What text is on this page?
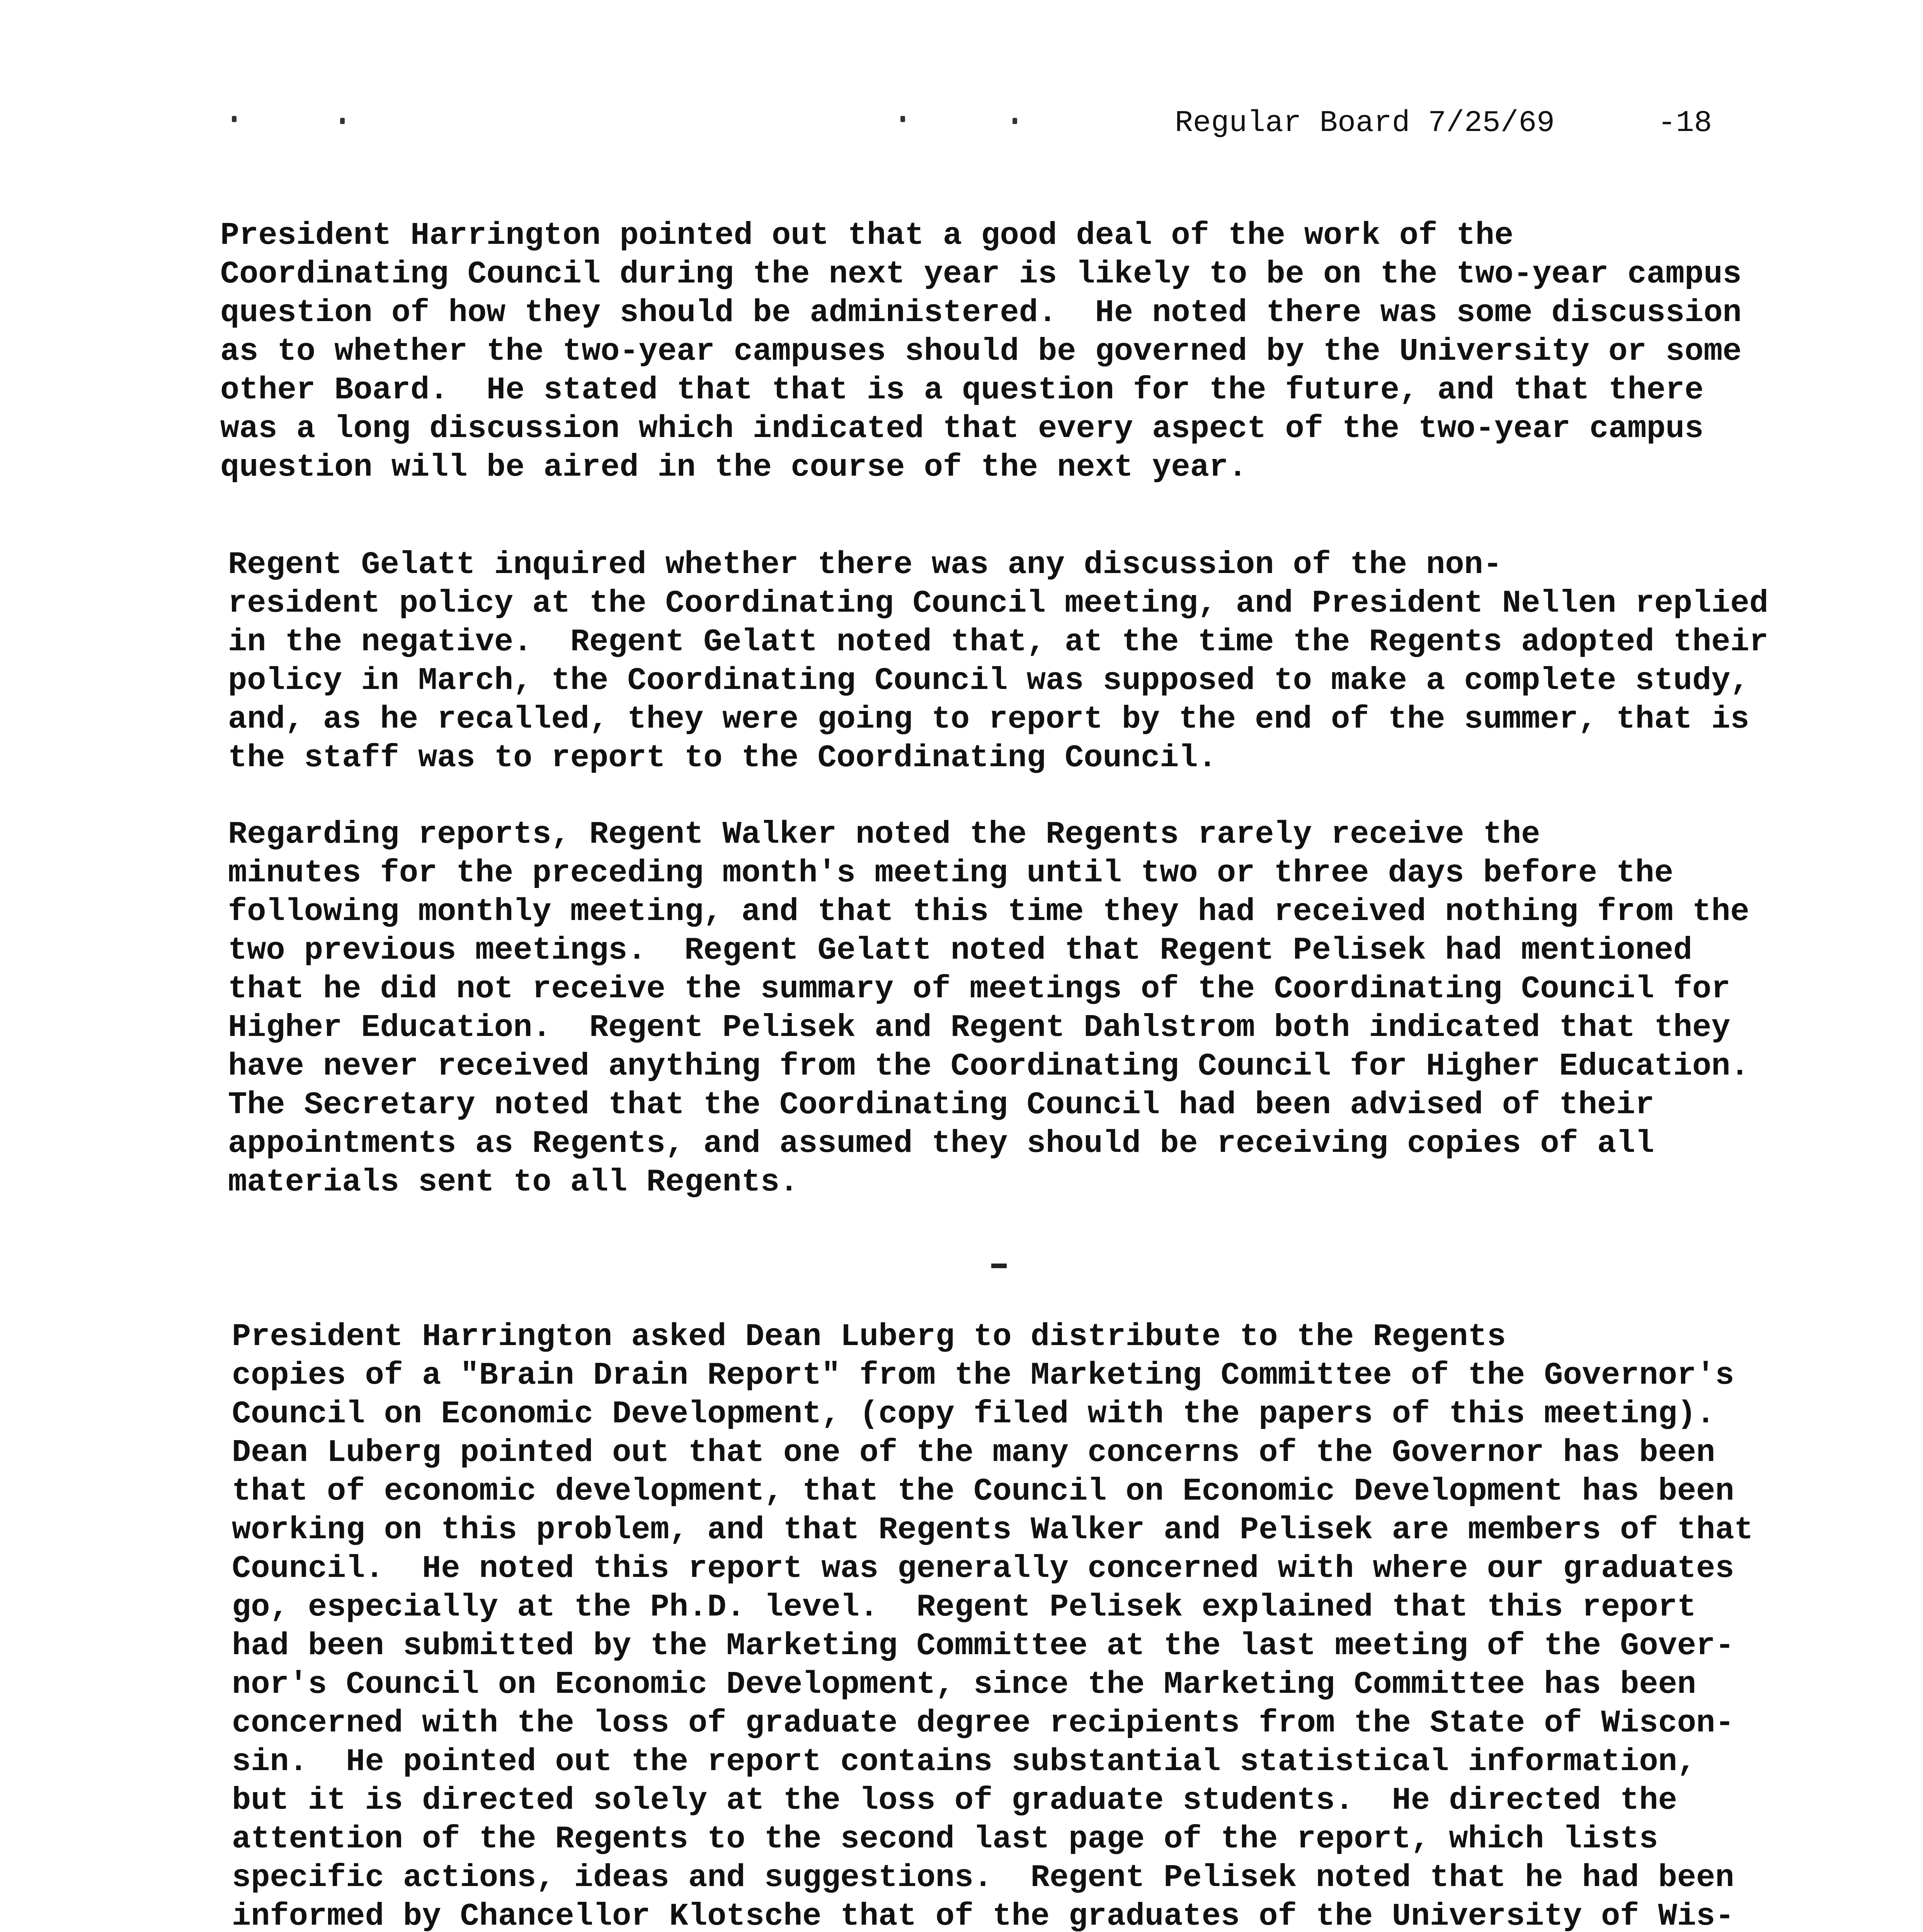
Regular Board 7/25/69	-18

President Harrington pointed out that a good deal of the work of the
Coordinating Council during the next year is likely to be on the two-year campus
question of how they should be administered.  He noted there was some discussion
as to whether the two-year campuses should be governed by the University or some
other Board.  He stated that that is a question for the future, and that there
was a long discussion which indicated that every aspect of the two-year campus
question will be aired in the course of the next year.

Regent Gelatt inquired whether there was any discussion of the non-
resident policy at the Coordinating Council meeting, and President Nellen replied
in the negative.  Regent Gelatt noted that, at the time the Regents adopted their
policy in March, the Coordinating Council was supposed to make a complete study,
and, as he recalled, they were going to report by the end of the summer, that is
the staff was to report to the Coordinating Council.

Regarding reports, Regent Walker noted the Regents rarely receive the
minutes for the preceding month's meeting until two or three days before the
following monthly meeting, and that this time they had received nothing from the
two previous meetings.  Regent Gelatt noted that Regent Pelisek had mentioned
that he did not receive the summary of meetings of the Coordinating Council for
Higher Education.  Regent Pelisek and Regent Dahlstrom both indicated that they
have never received anything from the Coordinating Council for Higher Education.
The Secretary noted that the Coordinating Council had been advised of their
appointments as Regents, and assumed they should be receiving copies of all
materials sent to all Regents.

President Harrington asked Dean Luberg to distribute to the Regents
copies of a "Brain Drain Report" from the Marketing Committee of the Governor's
Council on Economic Development, (copy filed with the papers of this meeting).
Dean Luberg pointed out that one of the many concerns of the Governor has been
that of economic development, that the Council on Economic Development has been
working on this problem, and that Regents Walker and Pelisek are members of that
Council.  He noted this report was generally concerned with where our graduates
go, especially at the Ph.D. level.  Regent Pelisek explained that this report
had been submitted by the Marketing Committee at the last meeting of the Gover-
nor's Council on Economic Development, since the Marketing Committee has been
concerned with the loss of graduate degree recipients from the State of Wiscon-
sin.  He pointed out the report contains substantial statistical information,
but it is directed solely at the loss of graduate students.  He directed the
attention of the Regents to the second last page of the report, which lists
specific actions, ideas and suggestions.  Regent Pelisek noted that he had been
informed by Chancellor Klotsche that of the graduates of the University of Wis-
